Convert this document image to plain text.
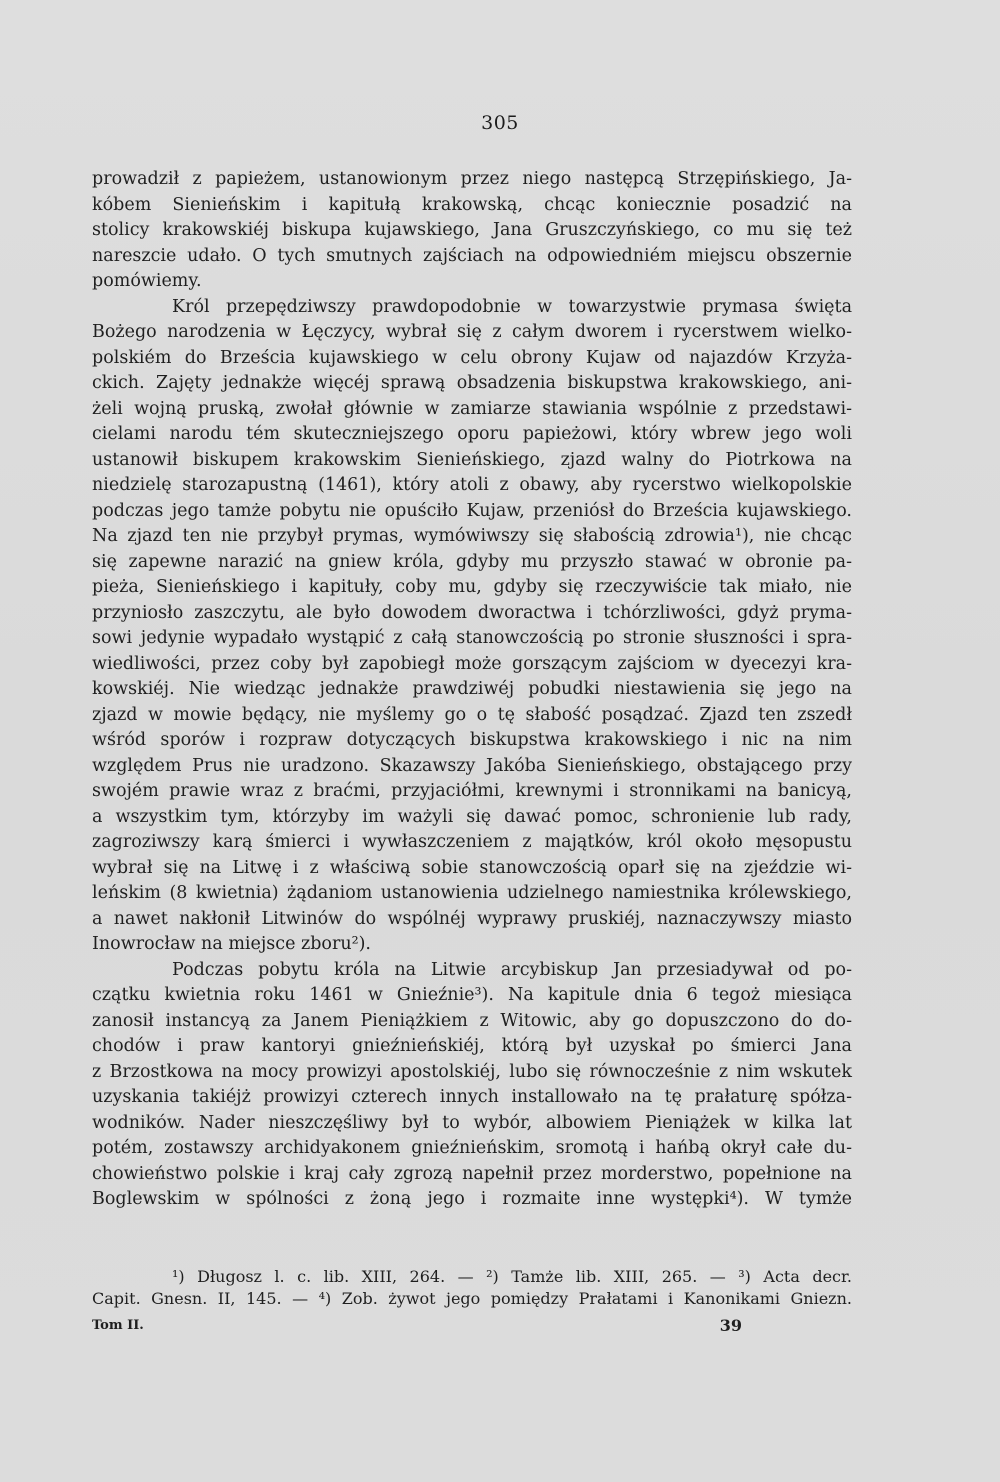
305
prowadził z papieżem, ustanowionym przez niego następcą Strzępińskiego, Ja-
kóbem Sienieńskim i kapitułą krakowską, chcąc koniecznie posadzić na
stolicy krakowskiéj biskupa kujawskiego, Jana Gruszczyńskiego, co mu się też
nareszcie udało. O tych smutnych zajściach na odpowiedniém miejscu obszernie
pomówiemy.
Król przepędziwszy prawdopodobnie w towarzystwie prymasa święta
Bożego narodzenia w Łęczycy, wybrał się z całym dworem i rycerstwem wielko-
polskiém do Brześcia kujawskiego w celu obrony Kujaw od najazdów Krzyża-
ckich. Zajęty jednakże więcéj sprawą obsadzenia biskupstwa krakowskiego, ani-
żeli wojną pruską, zwołał głównie w zamiarze stawiania wspólnie z przedstawi-
cielami narodu tém skuteczniejszego oporu papieżowi, który wbrew jego woli
ustanowił biskupem krakowskim Sienieńskiego, zjazd walny do Piotrkowa na
niedzielę starozapustną (1461), który atoli z obawy, aby rycerstwo wielkopolskie
podczas jego tamże pobytu nie opuściło Kujaw, przeniósł do Brześcia kujawskiego.
Na zjazd ten nie przybył prymas, wymówiwszy się słabością zdrowia¹), nie chcąc
się zapewne narazić na gniew króla, gdyby mu przyszło stawać w obronie pa-
pieża, Sienieńskiego i kapituły, coby mu, gdyby się rzeczywiście tak miało, nie
przyniosło zaszczytu, ale było dowodem dworactwa i tchórzliwości, gdyż pryma-
sowi jedynie wypadało wystąpić z całą stanowczością po stronie słuszności i spra-
wiedliwości, przez coby był zapobiegł może gorszącym zajściom w dyecezyi kra-
kowskiéj. Nie wiedząc jednakże prawdziwéj pobudki niestawienia się jego na
zjazd w mowie będący, nie myślemy go o tę słabość posądzać. Zjazd ten zszedł
wśród sporów i rozpraw dotyczących biskupstwa krakowskiego i nic na nim
względem Prus nie uradzono. Skazawszy Jakóba Sienieńskiego, obstającego przy
swojém prawie wraz z braćmi, przyjaciółmi, krewnymi i stronnikami na banicyą,
a wszystkim tym, którzyby im ważyli się dawać pomoc, schronienie lub rady,
zagroziwszy karą śmierci i wywłaszczeniem z majątków, król około męsopustu
wybrał się na Litwę i z właściwą sobie stanowczością oparł się na zjeździe wi-
leńskim (8 kwietnia) żądaniom ustanowienia udzielnego namiestnika królewskiego,
a nawet nakłonił Litwinów do wspólnéj wyprawy pruskiéj, naznaczywszy miasto
Inowrocław na miejsce zboru²).
Podczas pobytu króla na Litwie arcybiskup Jan przesiadywał od po-
czątku kwietnia roku 1461 w Gnieźnie³). Na kapitule dnia 6 tegoż miesiąca
zanosił instancyą za Janem Pieniążkiem z Witowic, aby go dopuszczono do do-
chodów i praw kantoryi gnieźnieńskiéj, którą był uzyskał po śmierci Jana
z Brzostkowa na mocy prowizyi apostolskiéj, lubo się równocześnie z nim wskutek
uzyskania takiéjż prowizyi czterech innych installowało na tę prałaturę spółza-
wodników. Nader nieszczęśliwy był to wybór, albowiem Pieniążek w kilka lat
potém, zostawszy archidyakonem gnieźnieńskim, sromotą i hańbą okrył całe du-
chowieństwo polskie i kraj cały zgrozą napełnił przez morderstwo, popełnione na
Boglewskim w spólności z żoną jego i rozmaite inne występki⁴). W tymże
¹) Długosz l. c. lib. XIII, 264. — ²) Tamże lib. XIII, 265. — ³) Acta decr.
Capit. Gnesn. II, 145. — ⁴) Zob. żywot jego pomiędzy Prałatami i Kanonikami Gniezn.
Tom II.	39
